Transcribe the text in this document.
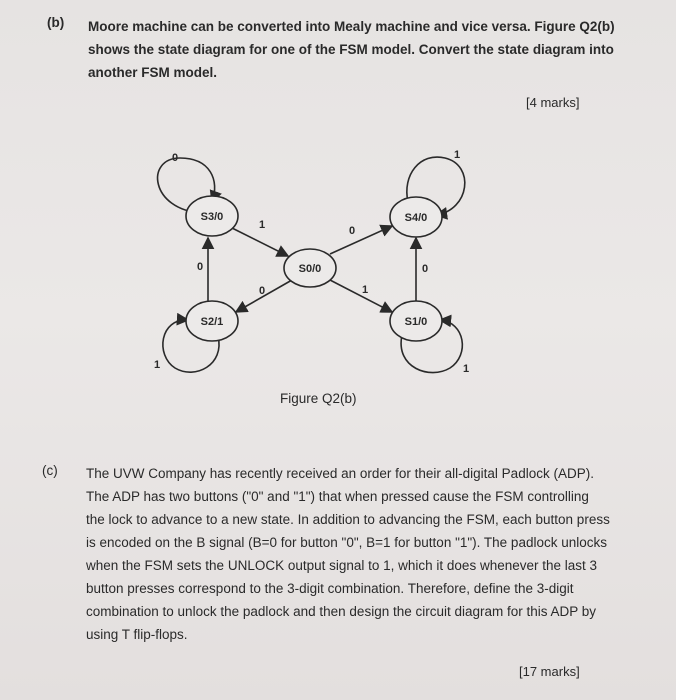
(b) Moore machine can be converted into Mealy machine and vice versa. Figure Q2(b)
shows the state diagram for one of the FSM model. Convert the state diagram into
another FSM model.
[4 marks]
S3/0	S4/0
S0/0
S2/1	S1/0
0	1
1	0
0
0
0
1
1	1
Figure Q2(b)
(c) The UVW Company has recently received an order for their all-digital Padlock (ADP).
The ADP has two buttons ("0" and "1") that when pressed cause the FSM controlling
the lock to advance to a new state. In addition to advancing the FSM, each button press
is encoded on the B signal (B=0 for button "0", B=1 for button "1"). The padlock unlocks
when the FSM sets the UNLOCK output signal to 1, which it does whenever the last 3
button presses correspond to the 3-digit combination. Therefore, define the 3-digit
combination to unlock the padlock and then design the circuit diagram for this ADP by
using T flip-flops.
[17 marks]
